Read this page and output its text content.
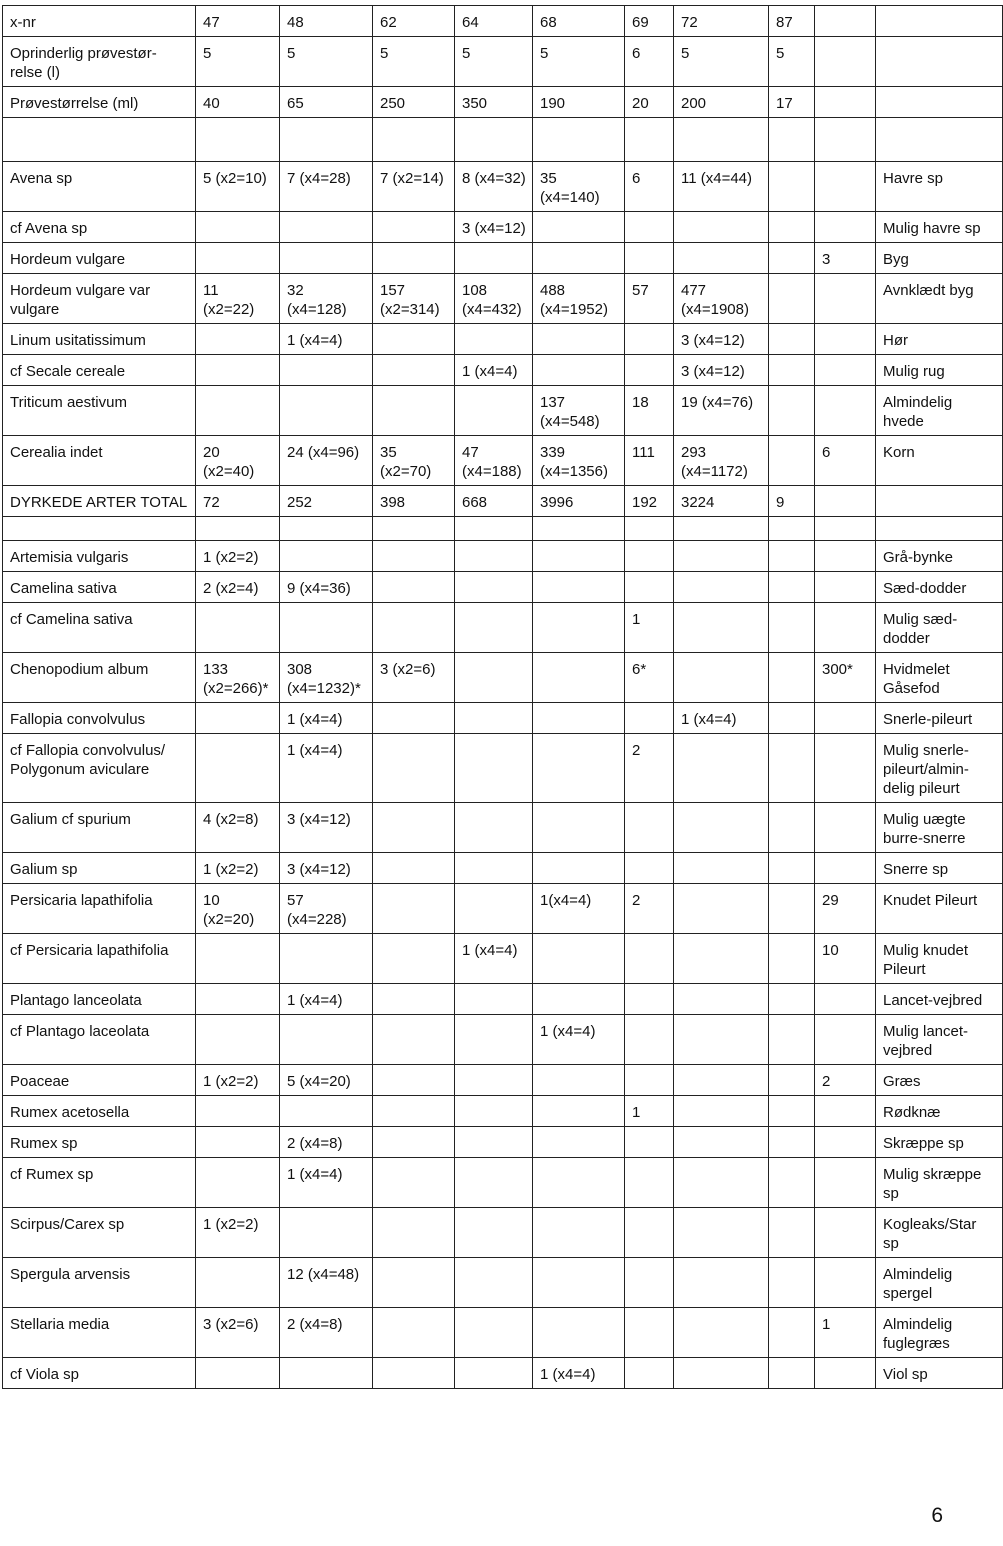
x-nr	47	48	62	64	68	69	72	87		
Oprinderlig prøvestør-relse (l)	5	5	5	5	5	6	5	5		
Prøvestørrelse (ml)	40	65	250	350	190	20	200	17		

Avena sp	5 (x2=10)	7 (x4=28)	7 (x2=14)	8 (x4=32)	35 (x4=140)	6	11 (x4=44)			Havre sp
cf Avena sp				3 (x4=12)						Mulig havre sp
Hordeum vulgare									3	Byg
Hordeum vulgare var vulgare	11 (x2=22)	32 (x4=128)	157 (x2=314)	108 (x4=432)	488 (x4=1952)	57	477 (x4=1908)			Avnklædt byg
Linum usitatissimum		1 (x4=4)					3 (x4=12)			Hør
cf Secale cereale				1 (x4=4)			3 (x4=12)			Mulig rug
Triticum aestivum					137 (x4=548)	18	19 (x4=76)			Almindelig hvede
Cerealia indet	20 (x2=40)	24 (x4=96)	35 (x2=70)	47 (x4=188)	339 (x4=1356)	111	293 (x4=1172)		6	Korn
DYRKEDE ARTER TOTAL	72	252	398	668	3996	192	3224	9		

Artemisia vulgaris	1 (x2=2)									Grå-bynke
Camelina sativa	2 (x2=4)	9 (x4=36)								Sæd-dodder
cf Camelina sativa						1				Mulig sæd-dodder
Chenopodium album	133 (x2=266)*	308 (x4=1232)*	3 (x2=6)			6*			300*	Hvidmelet Gåsefod
Fallopia convolvulus		1 (x4=4)					1 (x4=4)			Snerle-pileurt
cf Fallopia convolvulus/ Polygonum aviculare		1 (x4=4)				2				Mulig snerle-pileurt/almin-delig pileurt
Galium cf spurium	4 (x2=8)	3 (x4=12)								Mulig uægte burre-snerre
Galium sp	1 (x2=2)	3 (x4=12)								Snerre sp
Persicaria lapathifolia	10 (x2=20)	57 (x4=228)			1(x4=4)	2			29	Knudet Pileurt
cf Persicaria lapathifolia				1 (x4=4)					10	Mulig knudet Pileurt
Plantago lanceolata		1 (x4=4)								Lancet-vejbred
cf Plantago laceolata					1 (x4=4)					Mulig lancet-vejbred
Poaceae	1 (x2=2)	5 (x4=20)							2	Græs
Rumex acetosella						1				Rødknæ
Rumex sp		2 (x4=8)								Skræppe sp
cf Rumex sp		1 (x4=4)								Mulig skræppe sp
Scirpus/Carex sp	1 (x2=2)									Kogleaks/Star sp
Spergula arvensis		12 (x4=48)								Almindelig spergel
Stellaria media	3 (x2=6)	2 (x4=8)							1	Almindelig fuglegræs
cf Viola sp					1 (x4=4)					Viol sp
6
